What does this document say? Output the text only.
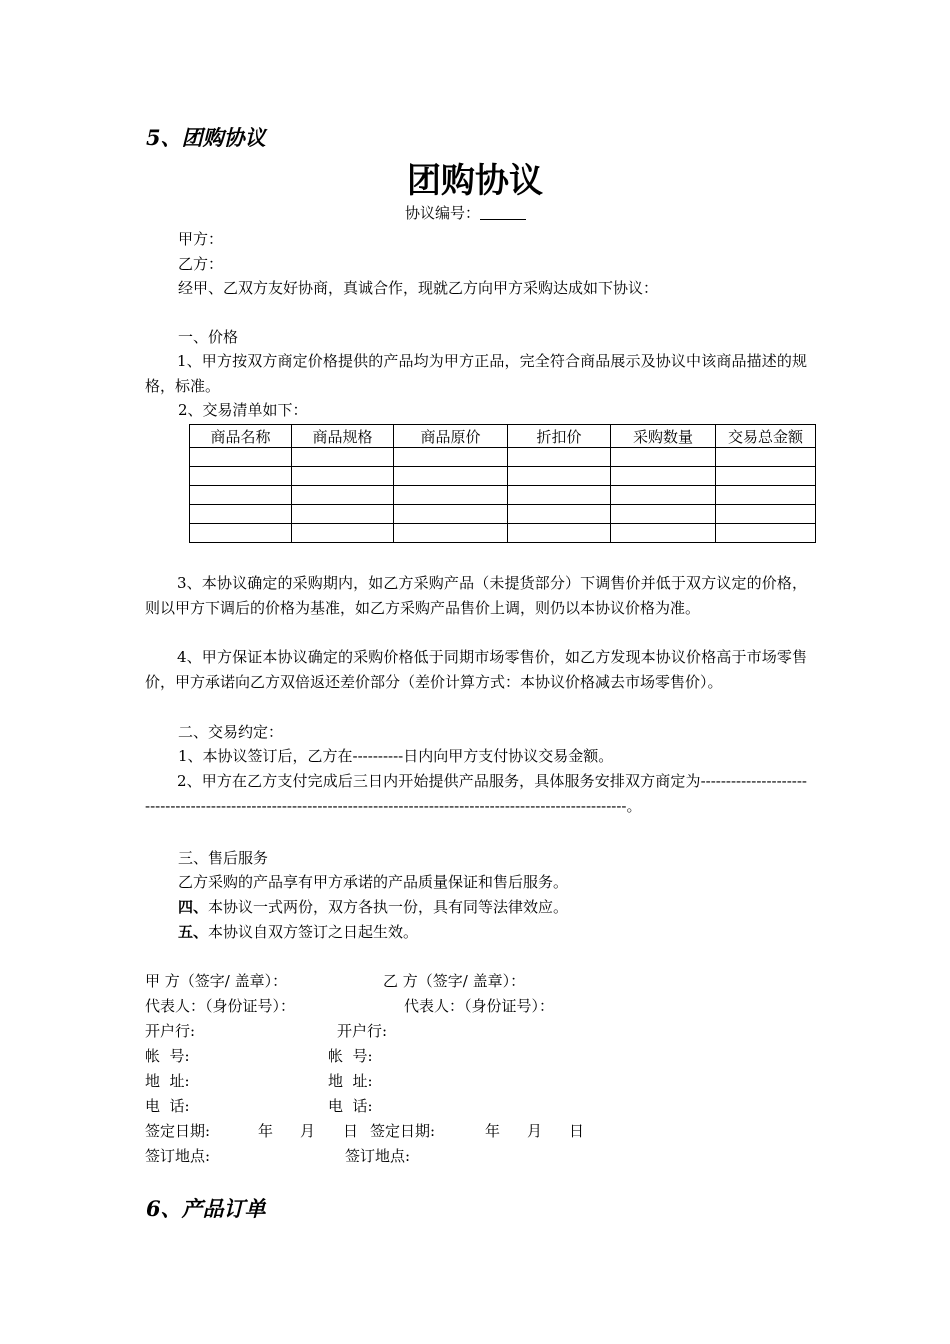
5、团购协议
团购协议
协议编号：
甲方：
乙方：
经甲、乙双方友好协商，真诚合作，现就乙方向甲方采购达成如下协议：
一、价格
1、甲方按双方商定价格提供的产品均为甲方正品，完全符合商品展示及协议中该商品描述的规格，标准。
2、交易清单如下：
商品名称	商品规格	商品原价	折扣价	采购数量	交易总金额

3、本协议确定的采购期内，如乙方采购产品（未提货部分）下调售价并低于双方议定的价格，则以甲方下调后的价格为基准，如乙方采购产品售价上调，则仍以本协议价格为准。
4、甲方保证本协议确定的采购价格低于同期市场零售价，如乙方发现本协议价格高于市场零售价，甲方承诺向乙方双倍返还差价部分（差价计算方式：本协议价格减去市场零售价）。
二、交易约定：
1、本协议签订后，乙方在----------日内向甲方支付协议交易金额。
2、甲方在乙方支付完成后三日内开始提供产品服务，具体服务安排双方商定为--------------------------------------------------------------------------------------------------------------------。
三、售后服务
乙方采购的产品享有甲方承诺的产品质量保证和售后服务。
四、本协议一式两份，双方各执一份，具有同等法律效应。
五、本协议自双方签订之日起生效。
甲 方（签字/ 盖章）：	乙 方（签字/ 盖章）：
代表人：（身份证号）：	代表人：（身份证号）：
开户行:	开户行:
帐  号:	帐  号:
地  址:	地  址:
电  话:	电  话:
签定日期:	年 月 日 签定日期:	年 月 日
签订地点:	签订地点:
6、产品订单
